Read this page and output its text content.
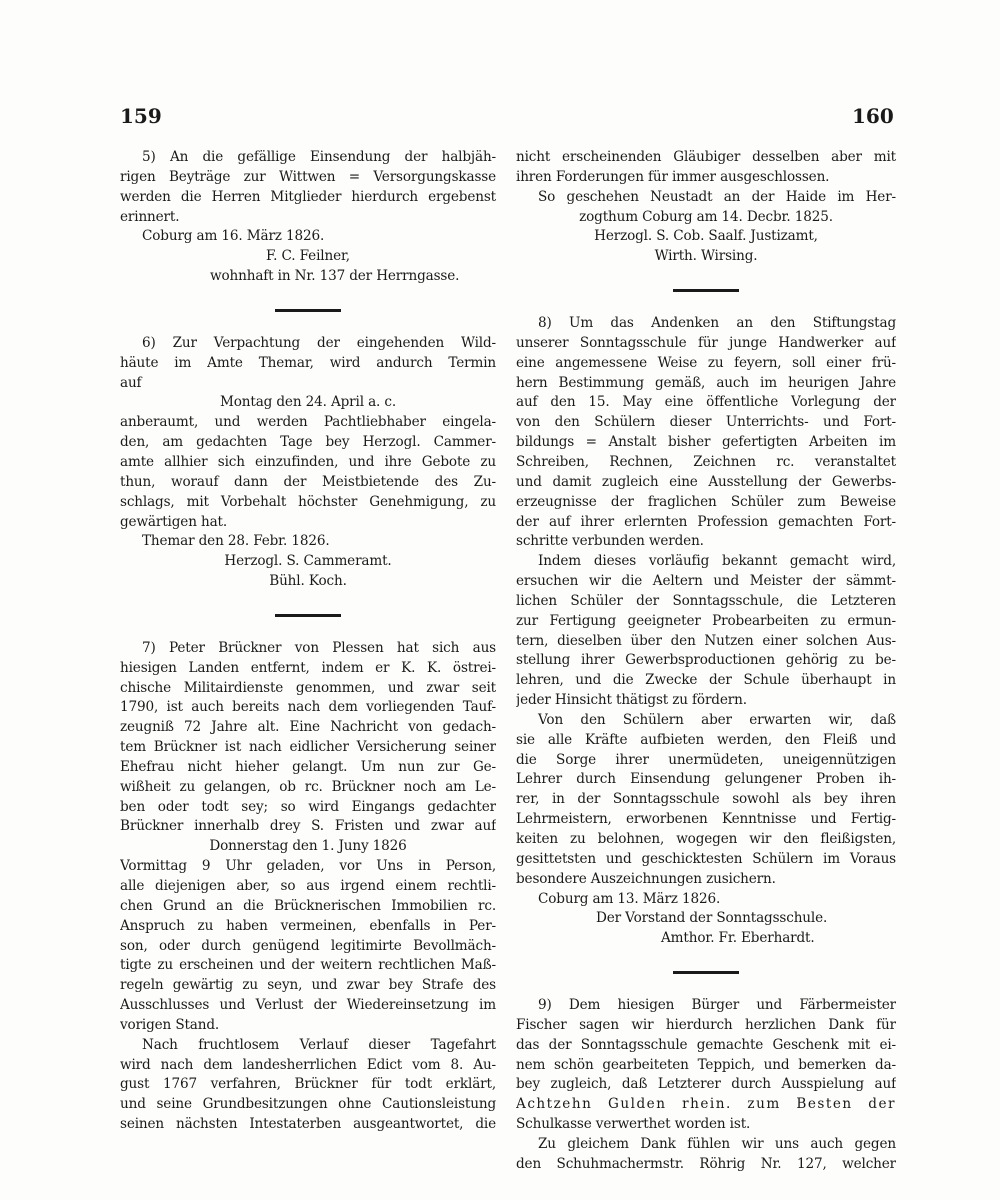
159	160
5) An die gefällige Einsendung der halbjäh-
rigen Beyträge zur Wittwen = Versorgungskasse
werden die Herren Mitglieder hierdurch ergebenst
erinnert.
Coburg am 16. März 1826.
F. C. Feilner,
wohnhaft in Nr. 137 der Herrngasse.
6) Zur Verpachtung der eingehenden Wild-
häute im Amte Themar, wird andurch Termin
auf
Montag den 24. April a. c.
anberaumt, und werden Pachtliebhaber eingela-
den, am gedachten Tage bey Herzogl. Cammer-
amte allhier sich einzufinden, und ihre Gebote zu
thun, worauf dann der Meistbietende des Zu-
schlags, mit Vorbehalt höchster Genehmigung, zu
gewärtigen hat.
Themar den 28. Febr. 1826.
Herzogl. S. Cammeramt.
Bühl. Koch.
7) Peter Brückner von Plessen hat sich aus
hiesigen Landen entfernt, indem er K. K. östrei-
chische Militairdienste genommen, und zwar seit
1790, ist auch bereits nach dem vorliegenden Tauf-
zeugniß 72 Jahre alt. Eine Nachricht von gedach-
tem Brückner ist nach eidlicher Versicherung seiner
Ehefrau nicht hieher gelangt. Um nun zur Ge-
wißheit zu gelangen, ob rc. Brückner noch am Le-
ben oder todt sey; so wird Eingangs gedachter
Brückner innerhalb drey S. Fristen und zwar auf
Donnerstag den 1. Juny 1826
Vormittag 9 Uhr geladen, vor Uns in Person,
alle diejenigen aber, so aus irgend einem rechtli-
chen Grund an die Brücknerischen Immobilien rc.
Anspruch zu haben vermeinen, ebenfalls in Per-
son, oder durch genügend legitimirte Bevollmäch-
tigte zu erscheinen und der weitern rechtlichen Maß-
regeln gewärtig zu seyn, und zwar bey Strafe des
Ausschlusses und Verlust der Wiedereinsetzung im
vorigen Stand.
Nach fruchtlosem Verlauf dieser Tagefahrt
wird nach dem landesherrlichen Edict vom 8. Au-
gust 1767 verfahren, Brückner für todt erklärt,
und seine Grundbesitzungen ohne Cautionsleistung
seinen nächsten Intestaterben ausgeantwortet, die
nicht erscheinenden Gläubiger desselben aber mit
ihren Forderungen für immer ausgeschlossen.
So geschehen Neustadt an der Haide im Her-
zogthum Coburg am 14. Decbr. 1825.
Herzogl. S. Cob. Saalf. Justizamt,
Wirth. Wirsing.
8) Um das Andenken an den Stiftungstag
unserer Sonntagsschule für junge Handwerker auf
eine angemessene Weise zu feyern, soll einer frü-
hern Bestimmung gemäß, auch im heurigen Jahre
auf den 15. May eine öffentliche Vorlegung der
von den Schülern dieser Unterrichts- und Fort-
bildungs = Anstalt bisher gefertigten Arbeiten im
Schreiben, Rechnen, Zeichnen rc. veranstaltet
und damit zugleich eine Ausstellung der Gewerbs-
erzeugnisse der fraglichen Schüler zum Beweise
der auf ihrer erlernten Profession gemachten Fort-
schritte verbunden werden.
Indem dieses vorläufig bekannt gemacht wird,
ersuchen wir die Aeltern und Meister der sämmt-
lichen Schüler der Sonntagsschule, die Letzteren
zur Fertigung geeigneter Probearbeiten zu ermun-
tern, dieselben über den Nutzen einer solchen Aus-
stellung ihrer Gewerbsproductionen gehörig zu be-
lehren, und die Zwecke der Schule überhaupt in
jeder Hinsicht thätigst zu fördern.
Von den Schülern aber erwarten wir, daß
sie alle Kräfte aufbieten werden, den Fleiß und
die Sorge ihrer unermüdeten, uneigennützigen
Lehrer durch Einsendung gelungener Proben ih-
rer, in der Sonntagsschule sowohl als bey ihren
Lehrmeistern, erworbenen Kenntnisse und Fertig-
keiten zu belohnen, wogegen wir den fleißigsten,
gesittetsten und geschicktesten Schülern im Voraus
besondere Auszeichnungen zusichern.
Coburg am 13. März 1826.
Der Vorstand der Sonntagsschule.
Amthor. Fr. Eberhardt.
9) Dem hiesigen Bürger und Färbermeister
Fischer sagen wir hierdurch herzlichen Dank für
das der Sonntagsschule gemachte Geschenk mit ei-
nem schön gearbeiteten Teppich, und bemerken da-
bey zugleich, daß Letzterer durch Ausspielung auf
Achtzehn Gulden rhein. zum Besten der
Schulkasse verwerthet worden ist.
Zu gleichem Dank fühlen wir uns auch gegen
den Schuhmachermstr. Röhrig Nr. 127, welcher
